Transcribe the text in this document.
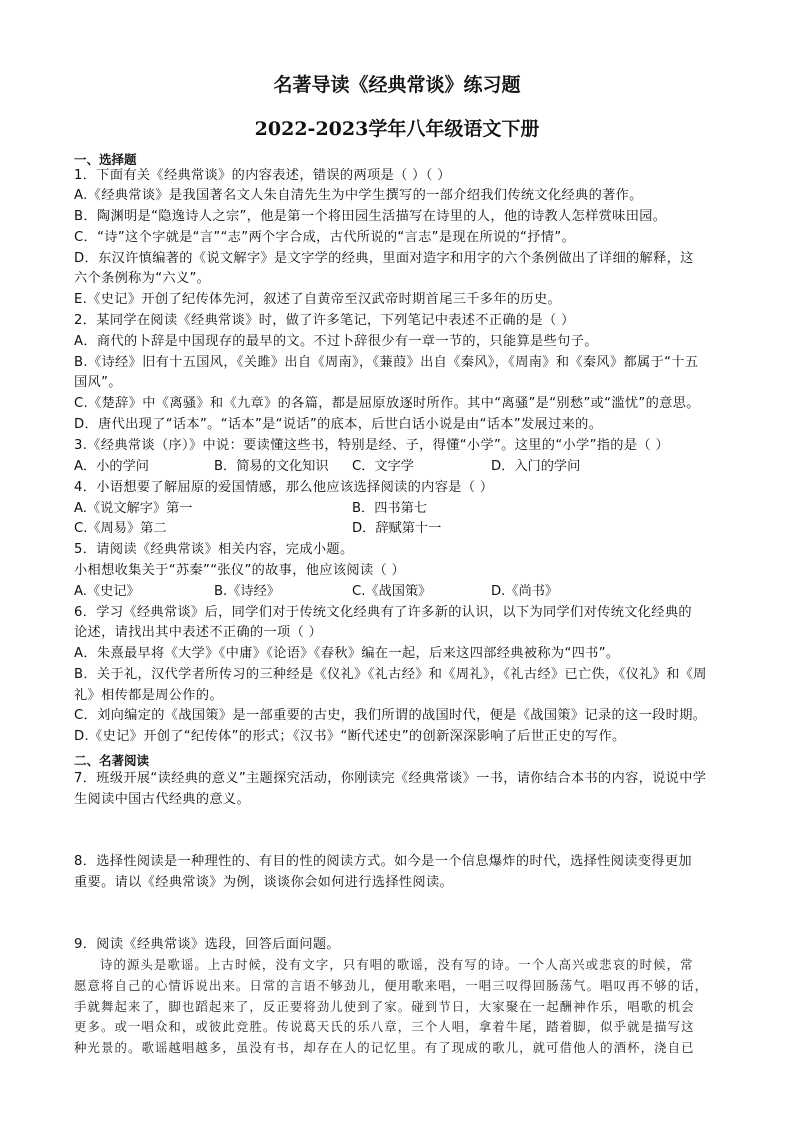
名著导读《经典常谈》练习题
2022-2023学年八年级语文下册
一、选择题
1．下面有关《经典常谈》的内容表述，错误的两项是（ ）（ ）
A.《经典常谈》是我国著名文人朱自清先生为中学生撰写的一部介绍我们传统文化经典的著作。
B．陶渊明是“隐逸诗人之宗”，他是第一个将田园生活描写在诗里的人，他的诗教人怎样赏味田园。
C．“诗”这个字就是“言”“志”两个字合成，古代所说的“言志”是现在所说的“抒情”。
D．东汉许慎编著的《说文解字》是文字学的经典，里面对造字和用字的六个条例做出了详细的解释，这
六个条例称为“六义”。
E.《史记》开创了纪传体先河，叙述了自黄帝至汉武帝时期首尾三千多年的历史。
2．某同学在阅读《经典常谈》时，做了许多笔记，下列笔记中表述不正确的是（ ）
A．商代的卜辞是中国现存的最早的文。不过卜辞很少有一章一节的，只能算是些句子。
B.《诗经》旧有十五国风，《关雎》出自《周南》，《蒹葭》出自《秦风》，《周南》和《秦风》都属于“十五
国风”。
C.《楚辞》中《离骚》和《九章》的各篇，都是屈原放逐时所作。其中“离骚”是“别愁”或“滥忧”的意思。
D．唐代出现了“话本”。“话本”是“说话”的底本，后世白话小说是由“话本”发展过来的。
3.《经典常谈（序）》中说：要读懂这些书，特别是经、子，得懂“小学”。这里的“小学”指的是（ ）
A．小的学问	B．简易的文化知识 C．文字学	D．入门的学问
4．小语想要了解屈原的爱国情感，那么他应该选择阅读的内容是（ ）
A.《说文解字》第一	B．四书第七
C.《周易》第二	D．辞赋第十一
5．请阅读《经典常谈》相关内容，完成小题。
小相想收集关于“苏秦”“张仪”的故事，他应该阅读（ ）
A.《史记》	B.《诗经》	C.《战国策》	D.《尚书》
6．学习《经典常谈》后，同学们对于传统文化经典有了许多新的认识，以下为同学们对传统文化经典的
论述，请找出其中表述不正确的一项（ ）
A．朱熹最早将《大学》《中庸》《论语》《春秋》编在一起，后来这四部经典被称为“四书”。
B．关于礼，汉代学者所传习的三种经是《仪礼》《礼古经》和《周礼》，《礼古经》已亡佚，《仪礼》和《周
礼》相传都是周公作的。
C．刘向编定的《战国策》是一部重要的古史，我们所谓的战国时代，便是《战国策》记录的这一段时期。
D.《史记》开创了“纪传体”的形式；《汉书》“断代述史”的创新深深影响了后世正史的写作。
二、名著阅读
7．班级开展“读经典的意义”主题探究活动，你刚读完《经典常谈》一书，请你结合本书的内容，说说中学
生阅读中国古代经典的意义。
8．选择性阅读是一种理性的、有目的性的阅读方式。如今是一个信息爆炸的时代，选择性阅读变得更加
重要。请以《经典常谈》为例，谈谈你会如何进行选择性阅读。
9．阅读《经典常谈》选段，回答后面问题。
诗的源头是歌谣。上古时候，没有文字，只有唱的歌谣，没有写的诗。一个人高兴或悲哀的时候，常
愿意将自己的心情诉说出来。日常的言语不够劲儿，便用歌来唱，一唱三叹得回肠荡气。唱叹再不够的话，
手就舞起来了，脚也蹈起来了，反正要将劲儿使到了家。碰到节日，大家聚在一起酬神作乐，唱歌的机会
更多。或一唱众和，或彼此竞胜。传说葛天氏的乐八章，三个人唱，拿着牛尾，踏着脚，似乎就是描写这
种光景的。歌谣越唱越多，虽没有书，却存在人的记忆里。有了现成的歌儿，就可借他人的酒杯，浇自已
